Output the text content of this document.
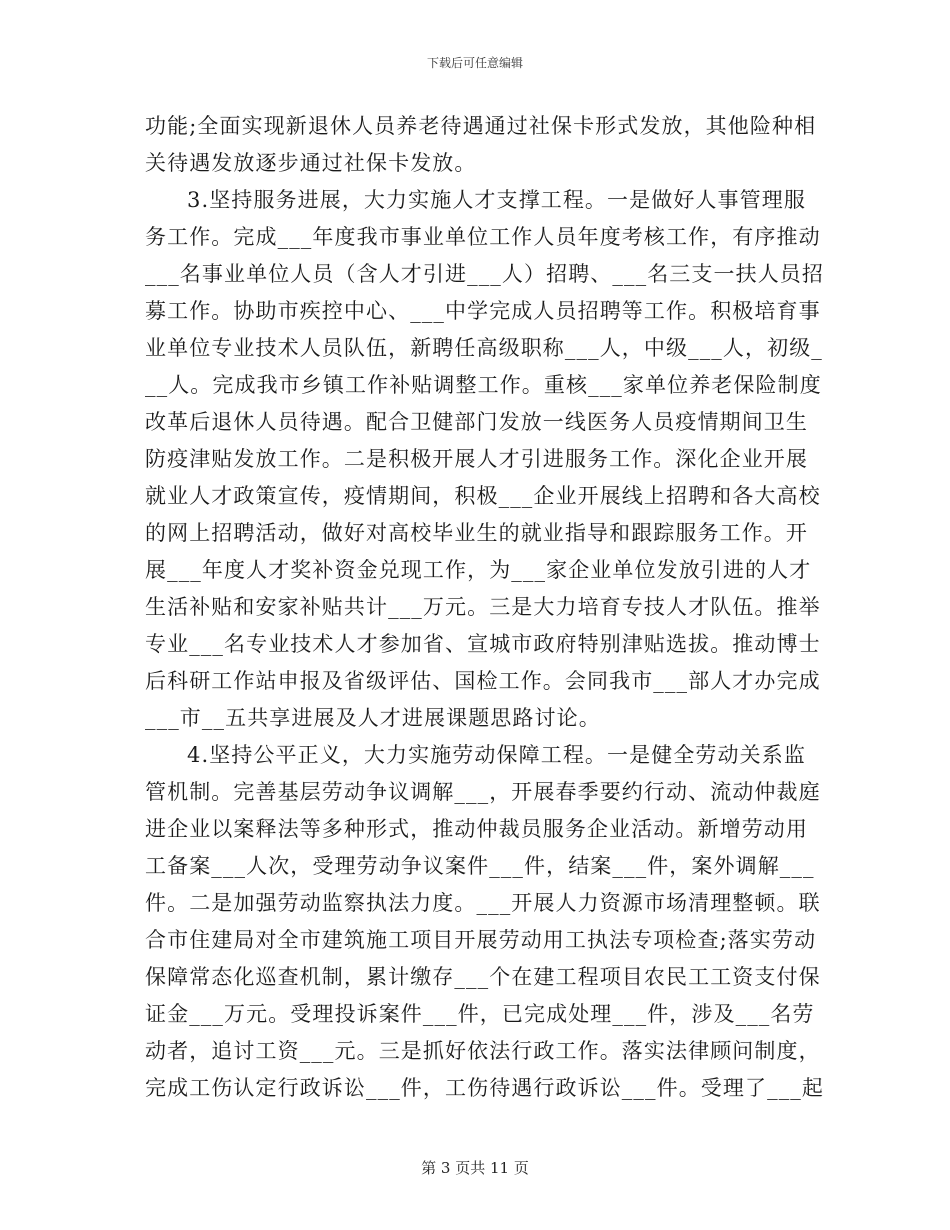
下载后可任意编辑
功能;全面实现新退休人员养老待遇通过社保卡形式发放，其他险种相
关待遇发放逐步通过社保卡发放。
3.坚持服务进展，大力实施人才支撑工程。一是做好人事管理服
务工作。完成___年度我市事业单位工作人员年度考核工作，有序推动
___名事业单位人员（含人才引进___人）招聘、___名三支一扶人员招
募工作。协助市疾控中心、___中学完成人员招聘等工作。积极培育事
业单位专业技术人员队伍，新聘任高级职称___人，中级___人，初级_
__人。完成我市乡镇工作补贴调整工作。重核___家单位养老保险制度
改革后退休人员待遇。配合卫健部门发放一线医务人员疫情期间卫生
防疫津贴发放工作。二是积极开展人才引进服务工作。深化企业开展
就业人才政策宣传，疫情期间，积极___企业开展线上招聘和各大高校
的网上招聘活动，做好对高校毕业生的就业指导和跟踪服务工作。开
展___年度人才奖补资金兑现工作，为___家企业单位发放引进的人才
生活补贴和安家补贴共计___万元。三是大力培育专技人才队伍。推举
专业___名专业技术人才参加省、宣城市政府特别津贴选拔。推动博士
后科研工作站申报及省级评估、国检工作。会同我市___部人才办完成
___市__五共享进展及人才进展课题思路讨论。
4.坚持公平正义，大力实施劳动保障工程。一是健全劳动关系监
管机制。完善基层劳动争议调解___，开展春季要约行动、流动仲裁庭
进企业以案释法等多种形式，推动仲裁员服务企业活动。新增劳动用
工备案___人次，受理劳动争议案件___件，结案___件，案外调解___
件。二是加强劳动监察执法力度。___开展人力资源市场清理整顿。联
合市住建局对全市建筑施工项目开展劳动用工执法专项检查;落实劳动
保障常态化巡查机制，累计缴存___个在建工程项目农民工工资支付保
证金___万元。受理投诉案件___件，已完成处理___件，涉及___名劳
动者，追讨工资___元。三是抓好依法行政工作。落实法律顾问制度，
完成工伤认定行政诉讼___件，工伤待遇行政诉讼___件。受理了___起
第 3 页共 11 页
